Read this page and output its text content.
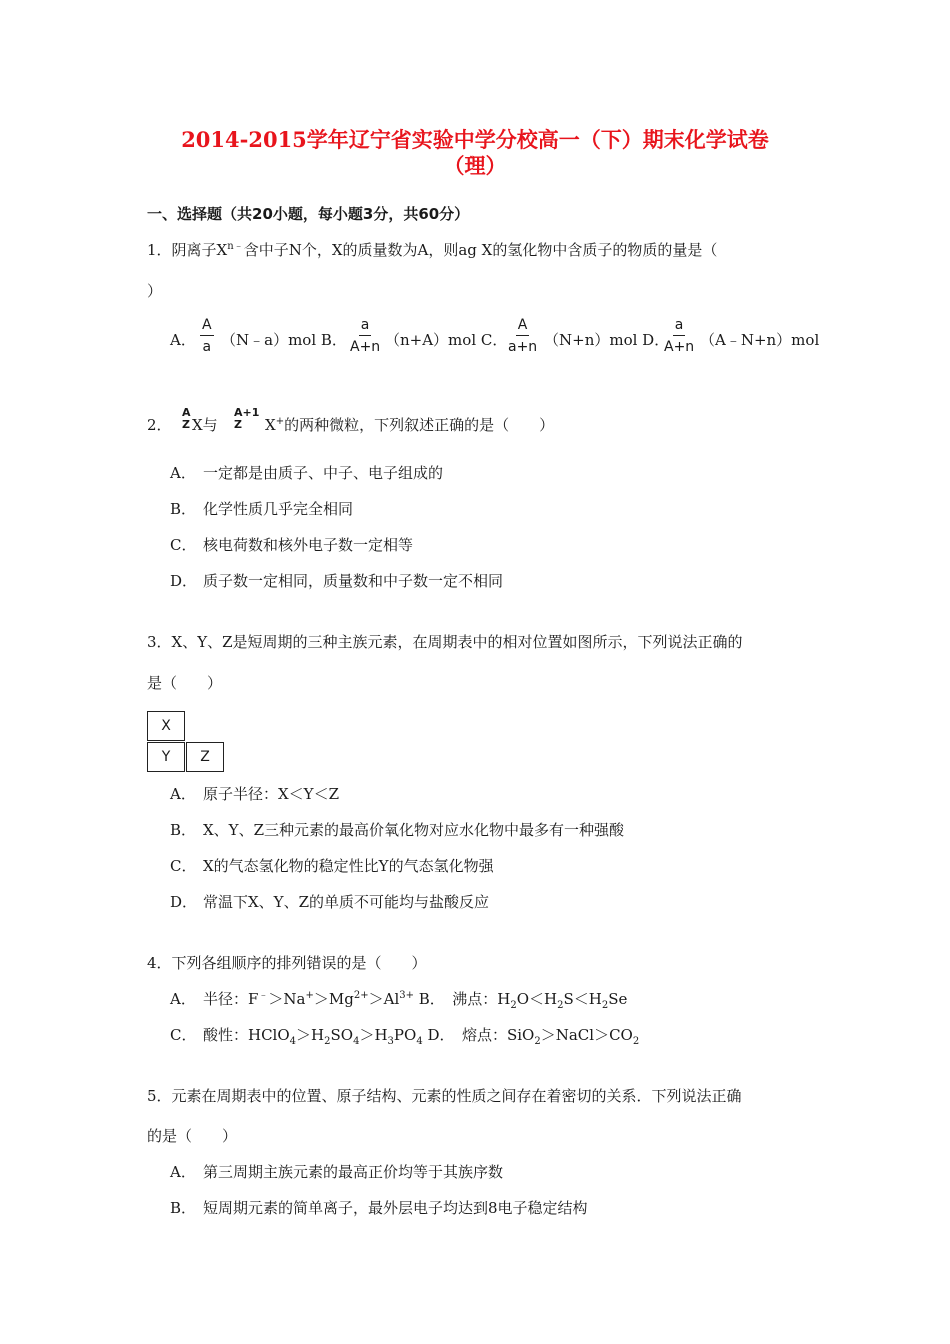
2014-2015学年辽宁省实验中学分校高一（下）期末化学试卷
（理）
一、选择题（共20小题，每小题3分，共60分）
1．阴离子$X^{n﹣}$含中子N个，X的质量数为A，则ag X的氢化物中含质子的物质的量是（
）
A． $\frac{A}{a}$ （N﹣a）mol B． $\frac{a}{A+n} (n+A)mol$ C． $\frac{A}{a+n} (N+n)mol$ D．
$\frac{a}{A+n}$ （A﹣N+n）mol
2．
A
Z X与
A+1
Z	X+的两种微粒，下列叙述正确的是（　　）
A． 一定都是由质子、中子、电子组成的
B． 化学性质几乎完全相同
C． 核电荷数和核外电子数一定相等
D． 质子数一定相同，质量数和中子数一定不相同
3．X、Y、Z是短周期的三种主族元素，在周期表中的相对位置如图所示，下列说法正确的
是（　　）
X
Y	Z
A． 原子半径：X＜Y＜Z
B． X、Y、Z三种元素的最高价氧化物对应水化物中最多有一种强酸
C． X的气态氢化物的稳定性比Y的气态氢化物强
D． 常温下X、Y、Z的单质不可能均与盐酸反应
4．下列各组顺序的排列错误的是（　　）
A． 半径：$F^﹣>Na^+>Mg^{2+}>Al^{3+}$ B．　沸点：$H_2O<H_2S<H_2Se$
C． 酸性：$HClO_4>H_2SO_4>H_3PO_4$ D．　熔点：$SiO_2>NaCl>CO_2$
5．元素在周期表中的位置、原子结构、元素的性质之间存在着密切的关系．下列说法正确
的是（　　）
A． 第三周期主族元素的最高正价均等于其族序数
B． 短周期元素的简单离子，最外层电子均达到8电子稳定结构
